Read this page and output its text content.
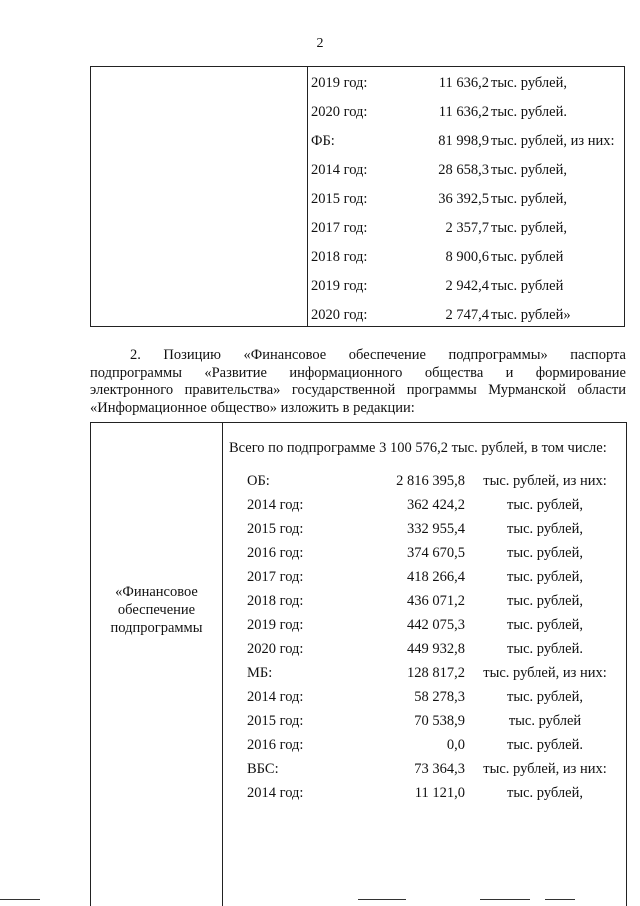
2
2019 год:	11 636,2 тыс. рублей,
2020 год:	11 636,2 тыс. рублей.
ФБ:	81 998,9 тыс. рублей, из них:
2014 год:	28 658,3 тыс. рублей,
2015 год:	36 392,5 тыс. рублей,
2017 год:	2 357,7 тыс. рублей,
2018 год:	8 900,6 тыс. рублей
2019 год:	2 942,4 тыс. рублей
2020 год:	2 747,4 тыс. рублей»
2. Позицию «Финансовое обеспечение подпрограммы» паспорта
подпрограммы «Развитие информационного общества и формирование
электронного правительства» государственной программы Мурманской области
«Информационное общество» изложить в редакции:
«Финансовое
обеспечение
подпрограммы
Всего по подпрограмме 3 100 576,2 тыс. рублей, в том числе:
ОБ:	2 816 395,8	тыс. рублей, из них:
2014 год:	362 424,2	тыс. рублей,
2015 год:	332 955,4	тыс. рублей,
2016 год:	374 670,5	тыс. рублей,
2017 год:	418 266,4	тыс. рублей,
2018 год:	436 071,2	тыс. рублей,
2019 год:	442 075,3	тыс. рублей,
2020 год:	449 932,8	тыс. рублей.
МБ:	128 817,2	тыс. рублей, из них:
2014 год:	58 278,3	тыс. рублей,
2015 год:	70 538,9	тыс. рублей
2016 год:	0,0	тыс. рублей.
ВБС:	73 364,3	тыс. рублей, из них:
2014 год:	11 121,0	тыс. рублей,
